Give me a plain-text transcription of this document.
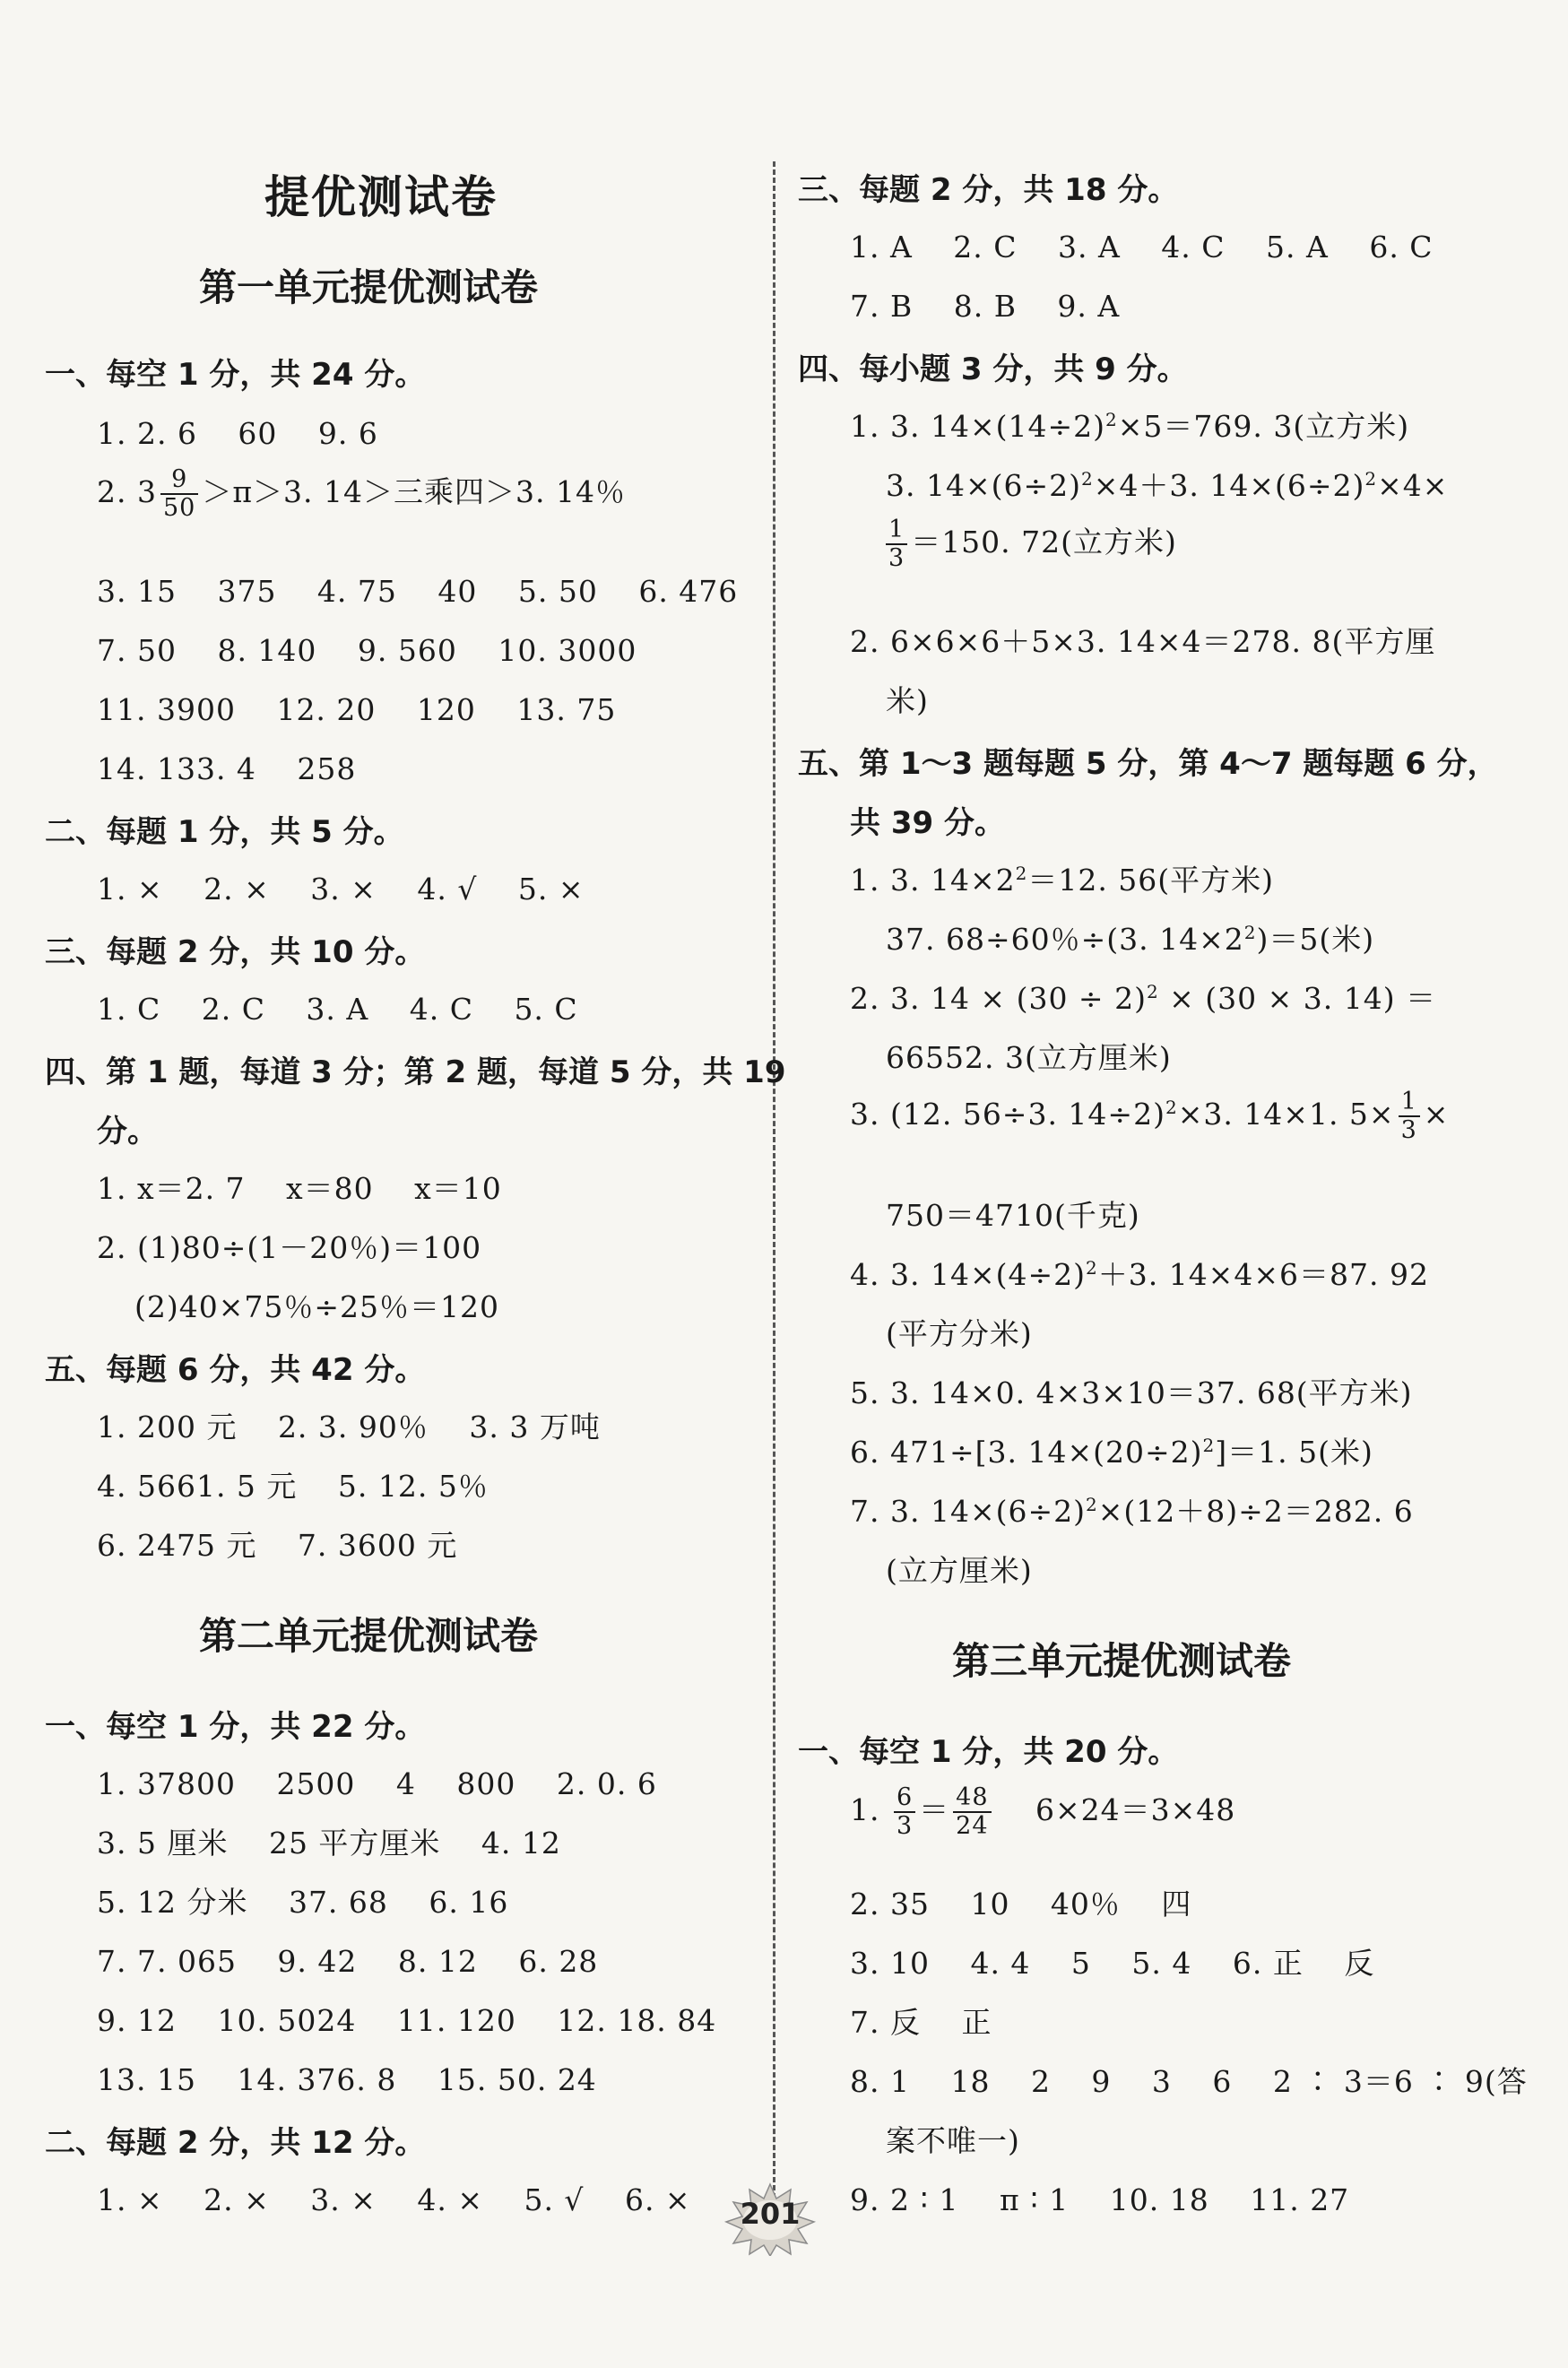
提优测试卷
第一单元提优测试卷
一、每空 1 分，共 24 分。
1. 2. 6　 60　 9. 6
2. $3 \frac{9}{50} >\pi>3$. 14＞三乘四＞3. 14％
3. 15　 375　 4. 75　 40　 5. 50　 6. 476
7. 50　 8. 140　 9. 560　 10. 3000
11. 3900　 12. 20　 120　 13. 75
14. 133. 4　 258
二、每题 1 分，共 5 分。
1. ×　 2. ×　 3. ×　 4. √　 5. ×
三、每题 2 分，共 10 分。
1. C　 2. C　 3. A　 4. C　 5. C
四、第 1 题，每道 3 分；第 2 题，每道 5 分，共 19
分。
1. x＝2. 7　 x＝80　 x＝10
2. (1)80÷(1－20％)＝100
(2)40×75％÷25％＝120
五、每题 6 分，共 42 分。
1. 200 元　 2. 3. 90％　 3. 3 万吨
4. 5661. 5 元　 5. 12. 5％
6. 2475 元　 7. 3600 元
第二单元提优测试卷
一、每空 1 分，共 22 分。
1. 37800　 2500　 4　 800　 2. 0. 6
3. 5 厘米　 25 平方厘米　 4. 12
5. 12 分米　 37. 68　 6. 16
7. 7. 065　 9. 42　 8. 12　 6. 28
9. 12　 10. 5024　 11. 120　 12. 18. 84
13. 15　 14. 376. 8　 15. 50. 24
二、每题 2 分，共 12 分。
1. ×　 2. ×　 3. ×　 4. ×　 5. √　 6. ×
三、每题 2 分，共 18 分。
1. A　 2. C　 3. A　 4. C　 5. A　 6. C
7. B　 8. B　 9. A
四、每小题 3 分，共 9 分。
1. 3. $14\times(14\div 2)^2\times 5=769$. 3(立方米)
3. $14\times(6\div 2)^2\times 4+3$. $14\times(6\div 2)^2\times 4\times$
$\frac{1}{3} =150$. 72(立方米)
2. 6×6×6＋5×3. 14×4＝278. 8(平方厘
米)
五、第 1～3 题每题 5 分，第 4～7 题每题 6 分，
共 39 分。
1. 3. $14\times 2^2=12$. 56(平方米)
37. 68÷60％÷(3. $14\times 2^2)=5$(米)
2. 3. $14 \times (30 \div 2)^2 \times (30 \times 3$. 14) ＝
66552. 3(立方厘米)
3. (12. 56÷3. 14÷2)$^2$×3. 14×1. $5\times \frac{1}{3}$ ×
750＝4710(千克)
4. 3. $14\times(4\div 2)^2+3$. 14×4×6＝87. 92
(平方分米)
5. 3. 14×0. 4×3×10＝37. 68(平方米)
6. 471÷[3. $14\times(20\div 2)^2]=1$. 5(米)
7. 3. $14\times(6\div 2)^2\times(12+8)\div 2=282$. 6
(立方厘米)
第三单元提优测试卷
一、每空 1 分，共 20 分。
1. $\frac{6}{3} = \frac{48}{24}$ 　 6×24＝3×48
2. 35　 10　 40％　 四
3. 10　 4. 4　 5　 5. 4　 6. 正　 反
7. 反　 正
8. 1　 18　 2　 9　 3　 6　 2 ∶ 3＝6 ∶ 9(答
案不唯一)
9. 2 ∶ 1　 π ∶ 1　 10. 18　 11. 27
201
